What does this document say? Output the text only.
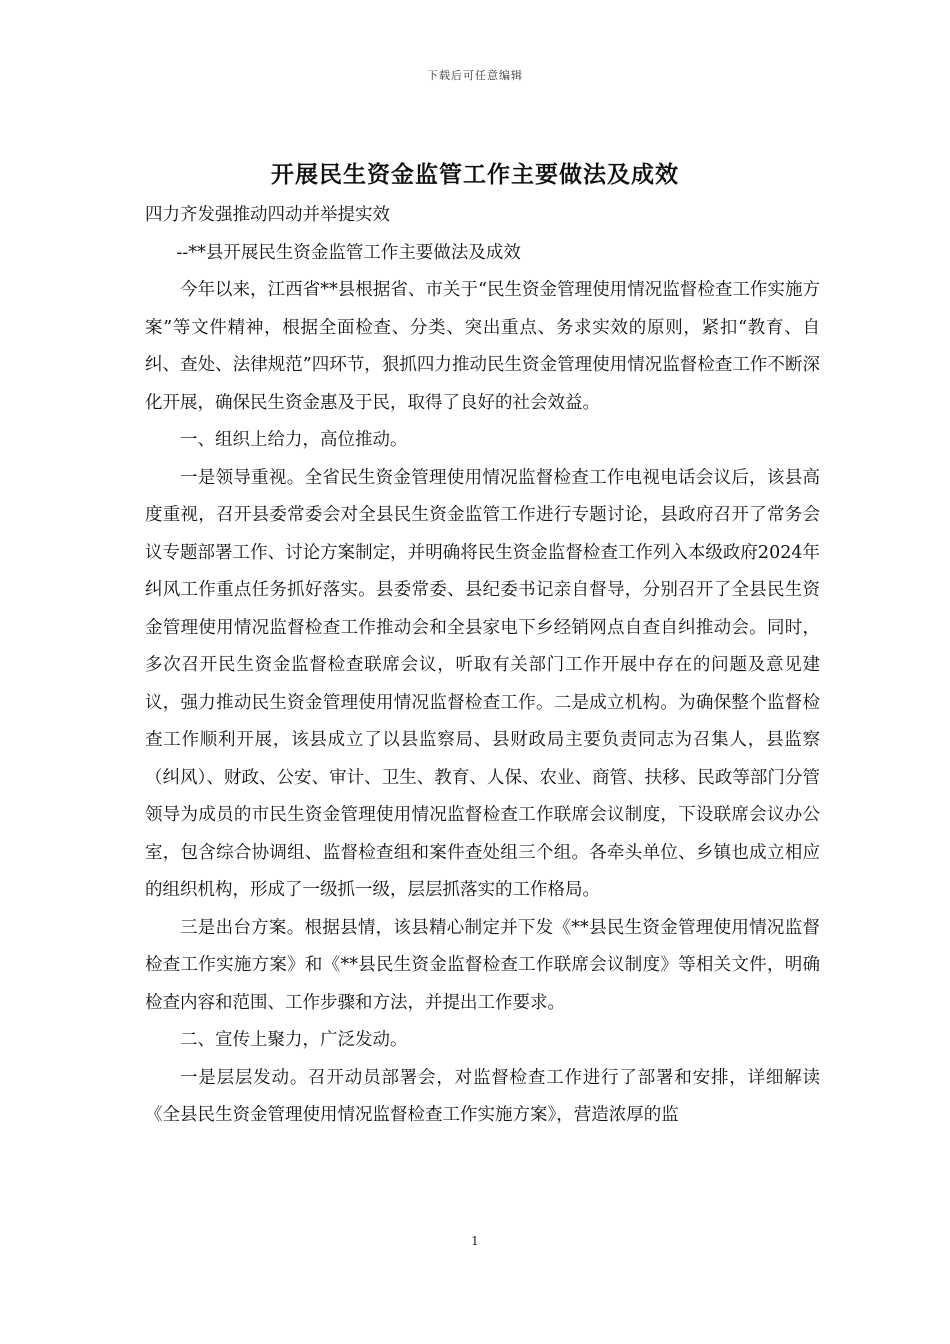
下载后可任意编辑
开展民生资金监管工作主要做法及成效

四力齐发强推动四动并举提实效

--**县开展民生资金监管工作主要做法及成效

今年以来，江西省**县根据省、市关于“民生资金管理使用情况监督检查工作实施方案”等文件精神，根据全面检查、分类、突出重点、务求实效的原则，紧扣“教育、自纠、查处、法律规范”四环节，狠抓四力推动民生资金管理使用情况监督检查工作不断深化开展，确保民生资金惠及于民，取得了良好的社会效益。

一、组织上给力，高位推动。

一是领导重视。全省民生资金管理使用情况监督检查工作电视电话会议后，该县高度重视，召开县委常委会对全县民生资金监管工作进行专题讨论，县政府召开了常务会议专题部署工作、讨论方案制定，并明确将民生资金监督检查工作列入本级政府2024年纠风工作重点任务抓好落实。县委常委、县纪委书记亲自督导，分别召开了全县民生资金管理使用情况监督检查工作推动会和全县家电下乡经销网点自查自纠推动会。同时，多次召开民生资金监督检查联席会议，听取有关部门工作开展中存在的问题及意见建议，强力推动民生资金管理使用情况监督检查工作。二是成立机构。为确保整个监督检查工作顺利开展，该县成立了以县监察局、县财政局主要负责同志为召集人，县监察（纠风）、财政、公安、审计、卫生、教育、人保、农业、商管、扶移、民政等部门分管领导为成员的市民生资金管理使用情况监督检查工作联席会议制度，下设联席会议办公室，包含综合协调组、监督检查组和案件查处组三个组。各牵头单位、乡镇也成立相应的组织机构，形成了一级抓一级，层层抓落实的工作格局。

三是出台方案。根据县情，该县精心制定并下发《**县民生资金管理使用情况监督检查工作实施方案》和《**县民生资金监督检查工作联席会议制度》等相关文件，明确检查内容和范围、工作步骤和方法，并提出工作要求。

二、宣传上聚力，广泛发动。

一是层层发动。召开动员部署会，对监督检查工作进行了部署和安排，详细解读《全县民生资金管理使用情况监督检查工作实施方案》，营造浓厚的监

1
